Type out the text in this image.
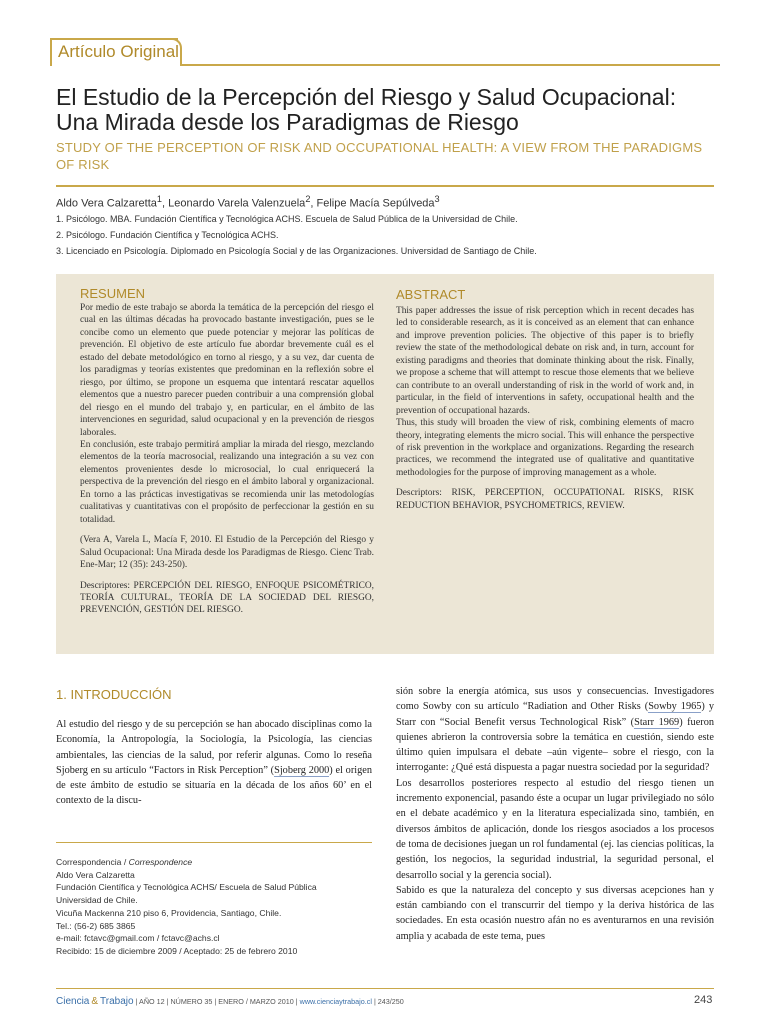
Artículo Original
El Estudio de la Percepción del Riesgo y Salud Ocupacional:
Una Mirada desde los Paradigmas de Riesgo
STUDY OF THE PERCEPTION OF RISK AND OCCUPATIONAL HEALTH: A VIEW FROM THE PARADIGMS OF RISK
Aldo Vera Calzaretta$^1$, Leonardo Varela Valenzuela$^2$, Felipe Macía Sepúlveda$^3$
1. Psicólogo. MBA. Fundación Científica y Tecnológica ACHS. Escuela de Salud Pública de la Universidad de Chile.
2. Psicólogo. Fundación Científica y Tecnológica ACHS.
3. Licenciado en Psicología. Diplomado en Psicología Social y de las Organizaciones. Universidad de Santiago de Chile.
RESUMEN

Por medio de este trabajo se aborda la temática de la percepción del riesgo el cual en las últimas décadas ha provocado bastante investigación, pues se le concibe como un elemento que puede potenciar y mejorar las políticas de prevención. El objetivo de este artículo fue abordar brevemente cuál es el estado del debate metodológico en torno al riesgo, y a su vez, dar cuenta de los paradigmas y teorías existentes que predominan en la reflexión sobre el riesgo, por último, se propone un esquema que intentará rescatar aquellos elementos que a nuestro parecer pueden contribuir a una comprensión global del riesgo en el mundo del trabajo y, en particular, en el ámbito de las intervenciones en seguridad, salud ocupacional y en la prevención de riesgos laborales.

En conclusión, este trabajo permitirá ampliar la mirada del riesgo, mezclando elementos de la teoría macrosocial, realizando una integración a su vez con elementos provenientes desde lo microsocial, lo cual enriquecerá la perspectiva de la prevención del riesgo en el ámbito laboral y organizacional. En torno a las prácticas investigativas se recomienda unir las metodologías cualitativas y cuantitativas con el propósito de perfeccionar la gestión en su totalidad.

(Vera A, Varela L, Macía F, 2010. El Estudio de la Percepción del Riesgo y Salud Ocupacional: Una Mirada desde los Paradigmas de Riesgo. Cienc Trab. Ene-Mar; 12 (35): 243-250).

Descriptores: PERCEPCIÓN DEL RIESGO, ENFOQUE PSICOMÉTRICO, TEORÍA CULTURAL, TEORÍA DE LA SOCIEDAD DEL RIESGO, PREVENCIÓN, GESTIÓN DEL RIESGO.

ABSTRACT

This paper addresses the issue of risk perception which in recent decades has led to considerable research, as it is conceived as an element that can enhance and improve prevention policies. The objective of this paper is to briefly review the state of the methodological debate on risk and, in turn, account for existing paradigms and theories that dominate thinking about the risk. Finally, we propose a scheme that will attempt to rescue those elements that we believe can contribute to an overall understanding of risk in the world of work and, in particular, in the field of interventions in safety, occupational health and the prevention of occupational hazards.

Thus, this study will broaden the view of risk, combining elements of macro theory, integrating elements the micro social. This will enhance the perspective of risk prevention in the workplace and organizations. Regarding the research practices, we recommend the integrated use of qualitative and quantitative methodologies for the purpose of improving management as a whole.

Descriptors: RISK, PERCEPTION, OCCUPATIONAL RISKS, RISK REDUCTION BEHAVIOR, PSYCHOMETRICS, REVIEW.

1. INTRODUCCIÓN

Al estudio del riesgo y de su percepción se han abocado disciplinas como la Economía, la Antropología, la Sociología, la Psicología, las ciencias ambientales, las ciencias de la salud, por referir algunas. Como lo reseña Sjoberg en su artículo “Factors in Risk Perception” (Sjoberg 2000) el origen de este ámbito de estudio se situaría en la década de los años 60’ en el contexto de la discu-

sión sobre la energía atómica, sus usos y consecuencias. Investigadores como Sowby con su artículo “Radiation and Other Risks (Sowby 1965) y Starr con “Social Benefit versus Technological Risk” (Starr 1969) fueron quienes abrieron la controversia sobre la temática en cuestión, siendo este último quien impulsara el debate –aún vigente– sobre el riesgo, con la interrogante: ¿Qué está dispuesta a pagar nuestra sociedad por la seguridad?

Los desarrollos posteriores respecto al estudio del riesgo tienen un incremento exponencial, pasando éste a ocupar un lugar privilegiado no sólo en el debate académico y en la literatura especializada sino, también, en diversos ámbitos de aplicación, donde los riesgos asociados a los procesos de toma de decisiones juegan un rol fundamental (ej. las ciencias políticas, la gestión, los negocios, la seguridad industrial, la seguridad personal, el desarrollo social y la gerencia social).

Sabido es que la naturaleza del concepto y sus diversas acepciones han y están cambiando con el transcurrir del tiempo y la deriva histórica de las sociedades. En esta ocasión nuestro afán no es aventurarnos en una revisión amplia y acabada de este tema, pues

Correspondencia / Correspondence
Aldo Vera Calzaretta
Fundación Científica y Tecnológica ACHS/ Escuela de Salud Pública
Universidad de Chile.
Vicuña Mackenna 210 piso 6, Providencia, Santiago, Chile.
Tel.: (56-2) 685 3865
e-mail: fctavc@gmail.com / fctavc@achs.cl
Recibido: 15 de diciembre 2009 / Aceptado: 25 de febrero 2010
Ciencia & Trabajo | AÑO 12 | NÚMERO 35 | ENERO / MARZO 2010 | www.cienciaytrabajo.cl | 243/250	243
